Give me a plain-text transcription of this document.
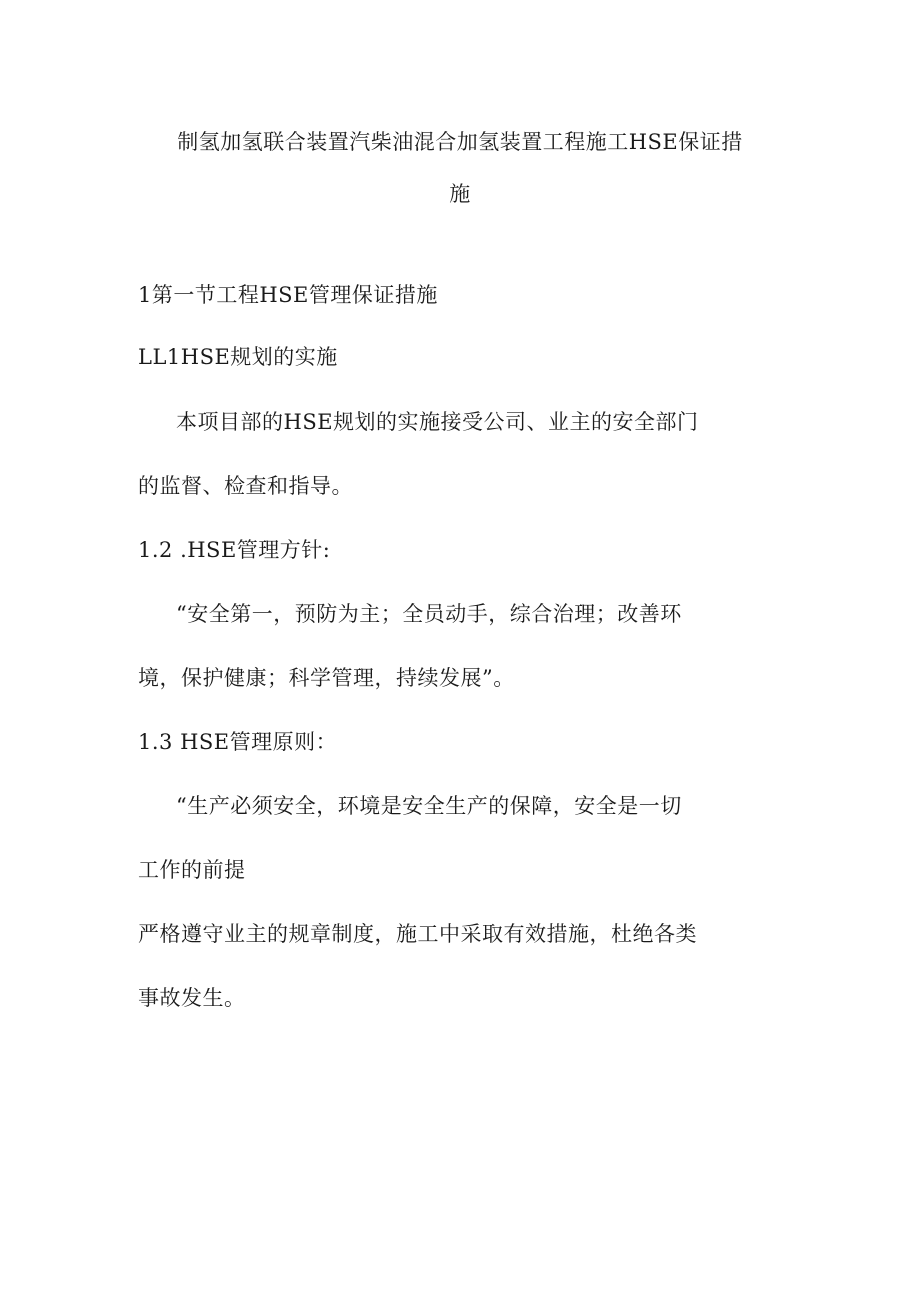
制氢加氢联合装置汽柴油混合加氢装置工程施工HSE保证措
施
1第一节工程HSE管理保证措施
LL1HSE规划的实施
本项目部的HSE规划的实施接受公司、业主的安全部门
的监督、检查和指导。
1.2 .HSE管理方针:
“安全第一，预防为主；全员动手，综合治理；改善环
境，保护健康；科学管理，持续发展”。
1.3 HSE管理原则：
“生产必须安全，环境是安全生产的保障，安全是一切
工作的前提
严格遵守业主的规章制度，施工中采取有效措施，杜绝各类
事故发生。
